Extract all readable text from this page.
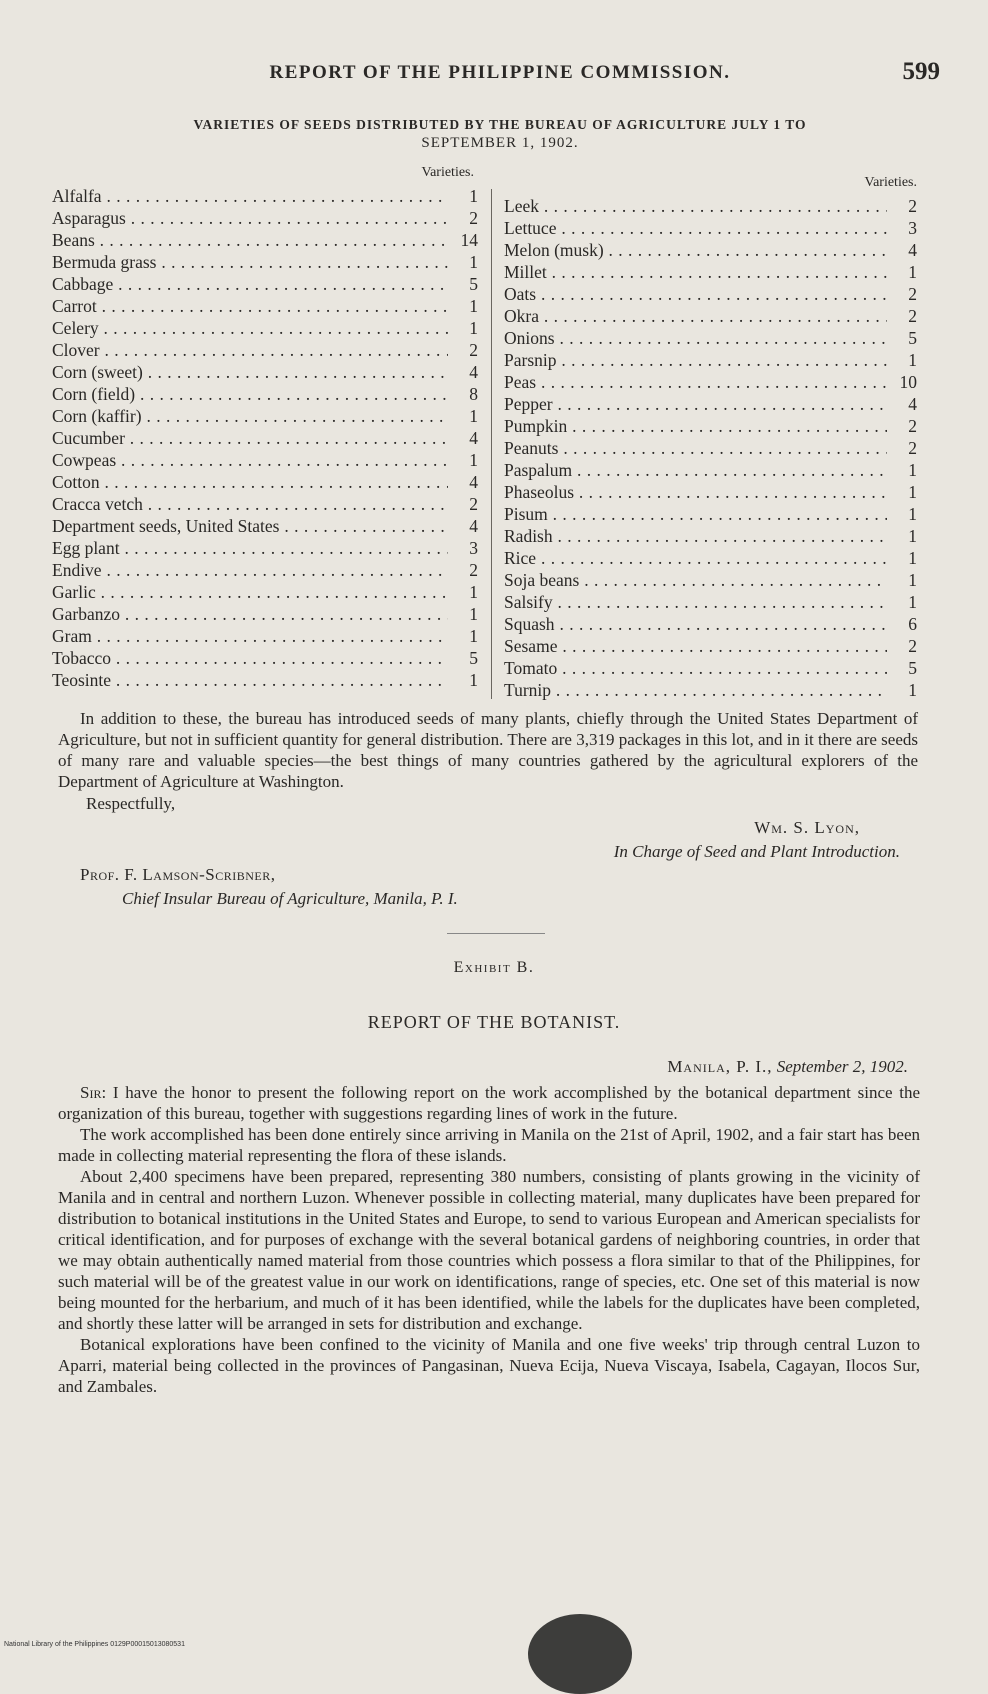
REPORT OF THE PHILIPPINE COMMISSION.	599
VARIETIES OF SEEDS DISTRIBUTED BY THE BUREAU OF AGRICULTURE JULY 1 TO
SEPTEMBER 1, 1902.
Varieties.
Alfalfa . . .	1
Asparagus . . .	2
Beans . . .	14
Bermuda grass . . .	1
Cabbage . . .	5
Carrot . . .	1
Celery . . .	1
Clover . . .	2
Corn (sweet) . . .	4
Corn (field) . . .	8
Corn (kaffir) . . .	1
Cucumber . . .	4
Cowpeas . . .	1
Cotton . . .	4
Cracca vetch . . .	2
Department seeds, United States . . .	4
Egg plant . . .	3
Endive . . .	2
Garlic . . .	1
Garbanzo . . .	1
Gram . . .	1
Tobacco . . .	5
Teosinte . . .	1
Varieties.
Leek . . .	2
Lettuce . . .	3
Melon (musk) . . .	4
Millet . . .	1
Oats . . .	2
Okra . . .	2
Onions . . .	5
Parsnip . . .	1
Peas . . .	10
Pepper . . .	4
Pumpkin . . .	2
Peanuts . . .	2
Paspalum . . .	1
Phaseolus . . .	1
Pisum . . .	1
Radish . . .	1
Rice . . .	1
Soja beans . . .	1
Salsify . . .	1
Squash . . .	6
Sesame . . .	2
Tomato . . .	5
Turnip . . .	1
In addition to these, the bureau has introduced seeds of many plants, chiefly through the United States Department of Agriculture, but not in sufficient quantity for general distribution. There are 3,319 packages in this lot, and in it there are seeds of many rare and valuable species—the best things of many countries gathered by the agricultural explorers of the Department of Agriculture at Washington.
Respectfully,
Wm. S. Lyon,
In Charge of Seed and Plant Introduction.
Prof. F. Lamson-Scribner,
Chief Insular Bureau of Agriculture, Manila, P. I.
Exhibit B.
REPORT OF THE BOTANIST.
Manila, P. I., September 2, 1902.

Sir: I have the honor to present the following report on the work accomplished by the botanical department since the organization of this bureau, together with suggestions regarding lines of work in the future.

The work accomplished has been done entirely since arriving in Manila on the 21st of April, 1902, and a fair start has been made in collecting material representing the flora of these islands.

About 2,400 specimens have been prepared, representing 380 numbers, consisting of plants growing in the vicinity of Manila and in central and northern Luzon. Whenever possible in collecting material, many duplicates have been prepared for distribution to botanical institutions in the United States and Europe, to send to various European and American specialists for critical identification, and for purposes of exchange with the several botanical gardens of neighboring countries, in order that we may obtain authentically named material from those countries which possess a flora similar to that of the Philippines, for such material will be of the greatest value in our work on identifications, range of species, etc. One set of this material is now being mounted for the herbarium, and much of it has been identified, while the labels for the duplicates have been completed, and shortly these latter will be arranged in sets for distribution and exchange.

Botanical explorations have been confined to the vicinity of Manila and one five weeks' trip through central Luzon to Aparri, material being collected in the provinces of Pangasinan, Nueva Ecija, Nueva Viscaya, Isabela, Cagayan, Ilocos Sur, and Zambales.

National Library of the Philippines 0129P00015013080531
